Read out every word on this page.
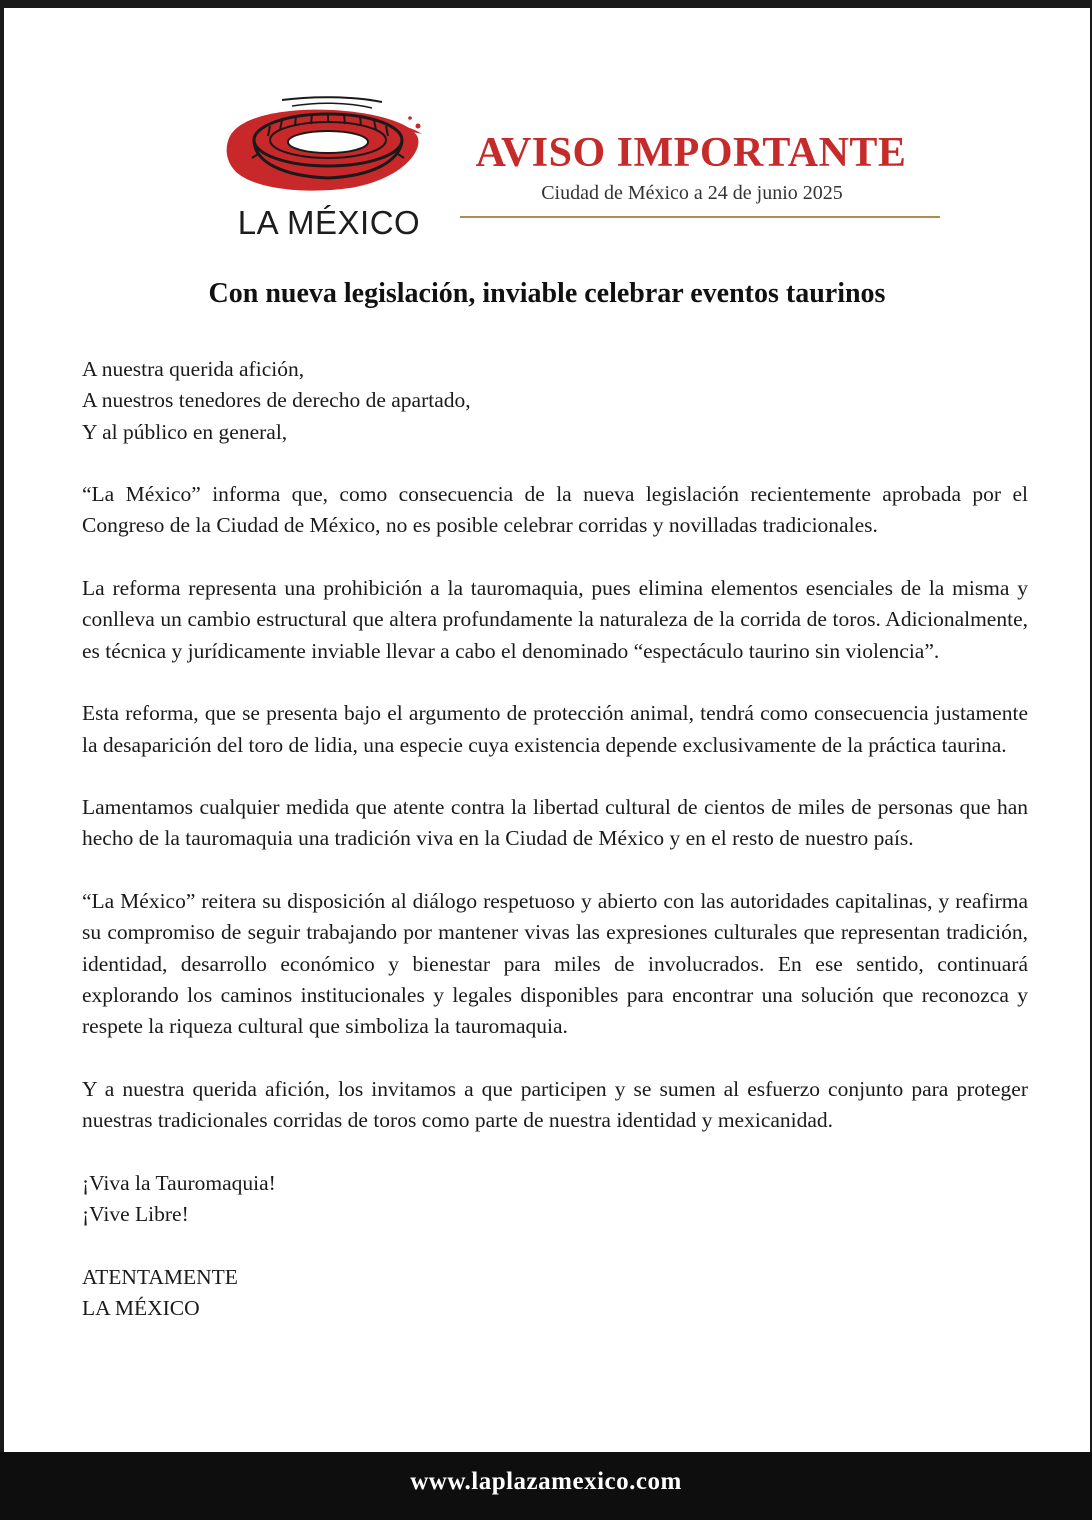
LA MÉXICO
AVISO IMPORTANTE
Ciudad de México a 24 de junio 2025
Con nueva legislación, inviable celebrar eventos taurinos
A nuestra querida afición,
A nuestros tenedores de derecho de apartado,
Y al público en general,

“La México” informa que, como consecuencia de la nueva legislación recientemente aprobada por el Congreso de la Ciudad de México, no es posible celebrar corridas y novilladas tradicionales.

La reforma representa una prohibición a la tauromaquia, pues elimina elementos esenciales de la misma y conlleva un cambio estructural que altera profundamente la naturaleza de la corrida de toros. Adicionalmente, es técnica y jurídicamente inviable llevar a cabo el denominado “espectáculo taurino sin violencia”.

Esta reforma, que se presenta bajo el argumento de protección animal, tendrá como consecuencia justamente la desaparición del toro de lidia, una especie cuya existencia depende exclusivamente de la práctica taurina.

Lamentamos cualquier medida que atente contra la libertad cultural de cientos de miles de personas que han hecho de la tauromaquia una tradición viva en la Ciudad de México y en el resto de nuestro país.

“La México” reitera su disposición al diálogo respetuoso y abierto con las autoridades capitalinas, y reafirma su compromiso de seguir trabajando por mantener vivas las expresiones culturales que representan tradición, identidad, desarrollo económico y bienestar para miles de involucrados. En ese sentido, continuará explorando los caminos institucionales y legales disponibles para encontrar una solución que reconozca y respete la riqueza cultural que simboliza la tauromaquia.

Y a nuestra querida afición, los invitamos a que participen y se sumen al esfuerzo conjunto para proteger nuestras tradicionales corridas de toros como parte de nuestra identidad y mexicanidad.

¡Viva la Tauromaquia!
¡Vive Libre!
ATENTAMENTE
LA MÉXICO
www.laplazamexico.com
